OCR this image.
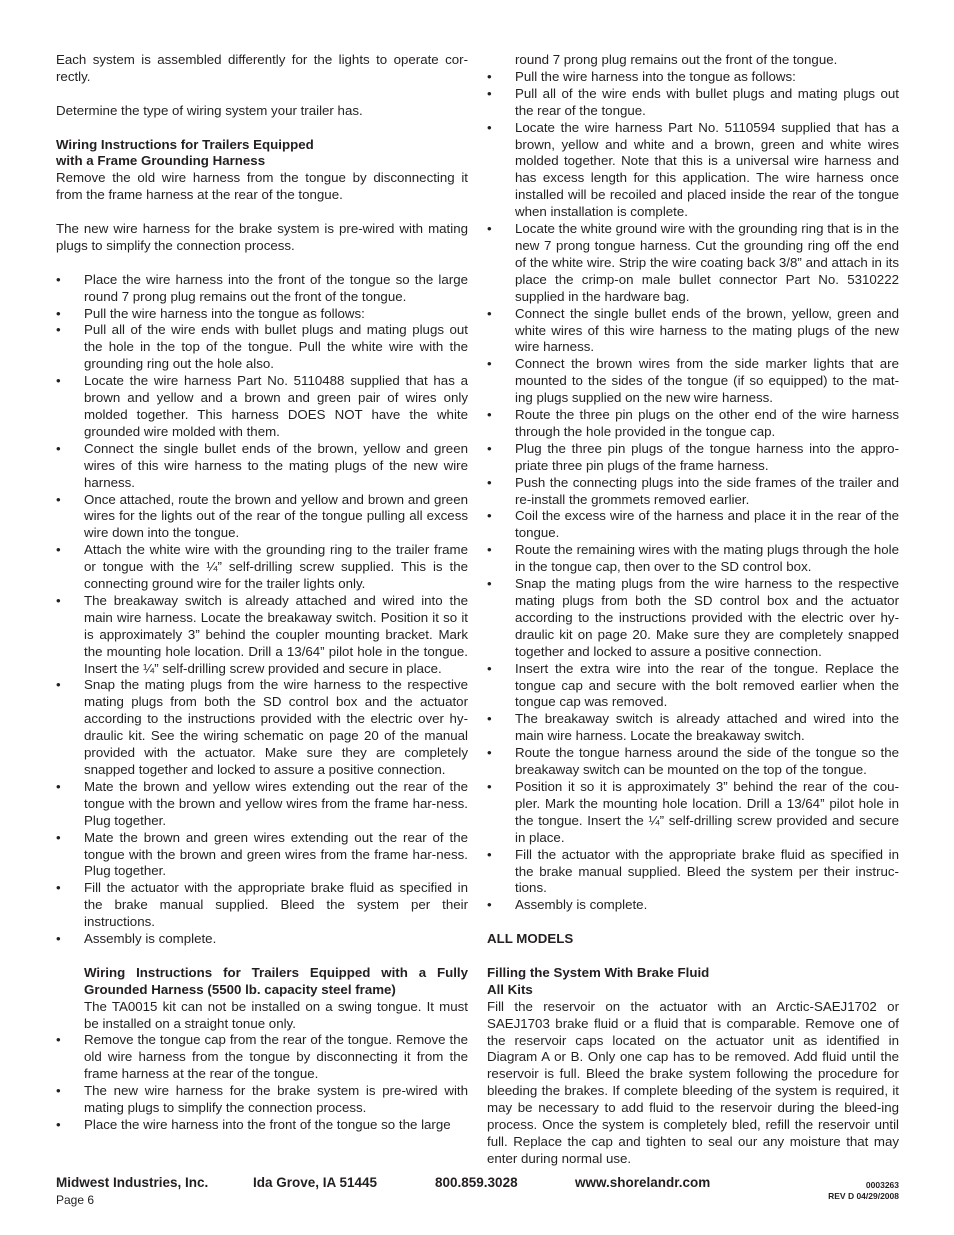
Each system is assembled differently for the lights to operate cor-rectly.

Determine the type of wiring system your trailer has.

Wiring Instructions for Trailers Equipped

with a Frame Grounding Harness

Remove the old wire harness from the tongue by disconnecting it from the frame harness at the rear of the tongue.

The new wire harness for the brake system is pre-wired with mating plugs to simplify the connection process.

• Place the wire harness into the front of the tongue so the large round 7 prong plug remains out the front of the tongue.
• Pull the wire harness into the tongue as follows:
• Pull all of the wire ends with bullet plugs and mating plugs out the hole in the top of the tongue. Pull the white wire with the grounding ring out the hole also.
• Locate the wire harness Part No. 5110488 supplied that has a brown and yellow and a brown and green pair of wires only molded together. This harness DOES NOT have the white grounded wire molded with them.
• Connect the single bullet ends of the brown, yellow and green wires of this wire harness to the mating plugs of the new wire harness.
• Once attached, route the brown and yellow and brown and green wires for the lights out of the rear of the tongue pulling all excess wire down into the tongue.
• Attach the white wire with the grounding ring to the trailer frame or tongue with the ¼” self-drilling screw supplied. This is the connecting ground wire for the trailer lights only.
• The breakaway switch is already attached and wired into the main wire harness. Locate the breakaway switch. Position it so it is approximately 3” behind the coupler mounting bracket. Mark the mounting hole location. Drill a 13/64” pilot hole in the tongue. Insert the ¼” self-drilling screw provided and secure in place.
• Snap the mating plugs from the wire harness to the respective mating plugs from both the SD control box and the actuator according to the instructions provided with the electric over hy-draulic kit. See the wiring schematic on page 20 of the manual provided with the actuator. Make sure they are completely snapped together and locked to assure a positive connection.
• Mate the brown and yellow wires extending out the rear of the tongue with the brown and yellow wires from the frame har-ness. Plug together.
• Mate the brown and green wires extending out the rear of the tongue with the brown and green wires from the frame har-ness. Plug together.
• Fill the actuator with the appropriate brake fluid as specified in the brake manual supplied. Bleed the system per their instructions.
• Assembly is complete.

Wiring Instructions for Trailers Equipped with a Fully Grounded Harness (5500 lb. capacity steel frame)

The TA0015 kit can not be installed on a swing tongue. It must be installed on a straight tonue only.

• Remove the tongue cap from the rear of the tongue. Remove the old wire harness from the tongue by disconnecting it from the frame harness at the rear of the tongue.
• The new wire harness for the brake system is pre-wired with mating plugs to simplify the connection process.
• Place the wire harness into the front of the tongue so the large

round 7 prong plug remains out the front of the tongue.

• Pull the wire harness into the tongue as follows:
• Pull all of the wire ends with bullet plugs and mating plugs out the rear of the tongue.
• Locate the wire harness Part No. 5110594 supplied that has a brown, yellow and white and a brown, green and white wires molded together. Note that this is a universal wire harness and has excess length for this application. The wire harness once installed will be recoiled and placed inside the rear of the tongue when installation is complete.
• Locate the white ground wire with the grounding ring that is in the new 7 prong tongue harness. Cut the grounding ring off the end of the white wire. Strip the wire coating back 3/8” and attach in its place the crimp-on male bullet connector Part No. 5310222 supplied in the hardware bag.
• Connect the single bullet ends of the brown, yellow, green and white wires of this wire harness to the mating plugs of the new wire harness.
• Connect the brown wires from the side marker lights that are mounted to the sides of the tongue (if so equipped) to the mat-ing plugs supplied on the new wire harness.
• Route the three pin plugs on the other end of the wire harness through the hole provided in the tongue cap.
• Plug the three pin plugs of the tongue harness into the appro-priate three pin plugs of the frame harness.
• Push the connecting plugs into the side frames of the trailer and re-install the grommets removed earlier.
• Coil the excess wire of the harness and place it in the rear of the tongue.
• Route the remaining wires with the mating plugs through the hole in the tongue cap, then over to the SD control box.
• Snap the mating plugs from the wire harness to the respective mating plugs from both the SD control box and the actuator according to the instructions provided with the electric over hy-draulic kit on page 20. Make sure they are completely snapped together and locked to assure a positive connection.
• Insert the extra wire into the rear of the tongue. Replace the tongue cap and secure with the bolt removed earlier when the tongue cap was removed.
• The breakaway switch is already attached and wired into the main wire harness. Locate the breakaway switch.
• Route the tongue harness around the side of the tongue so the breakaway switch can be mounted on the top of the tongue.
• Position it so it is approximately 3” behind the rear of the cou-pler. Mark the mounting hole location. Drill a 13/64” pilot hole in the tongue. Insert the ¼” self-drilling screw provided and secure in place.
• Fill the actuator with the appropriate brake fluid as specified in the brake manual supplied. Bleed the system per their instruc-tions.
• Assembly is complete.

ALL MODELS

Filling the System With Brake Fluid

All Kits

Fill the reservoir on the actuator with an Arctic-SAEJ1702 or SAEJ1703 brake fluid or a fluid that is comparable. Remove one of the reservoir caps located on the actuator unit as identified in Diagram A or B. Only one cap has to be removed. Add fluid until the reservoir is full. Bleed the brake system following the procedure for bleeding the brakes. If complete bleeding of the system is required, it may be necessary to add fluid to the reservoir during the bleed-ing process. Once the system is completely bled, refill the reservoir until full. Replace the cap and tighten to seal our any moisture that may enter during normal use.

Midwest Industries, Inc.	Ida Grove, IA 51445	800.859.3028	www.shorelandr.com
Page 6
0003263
REV D 04/29/2008
